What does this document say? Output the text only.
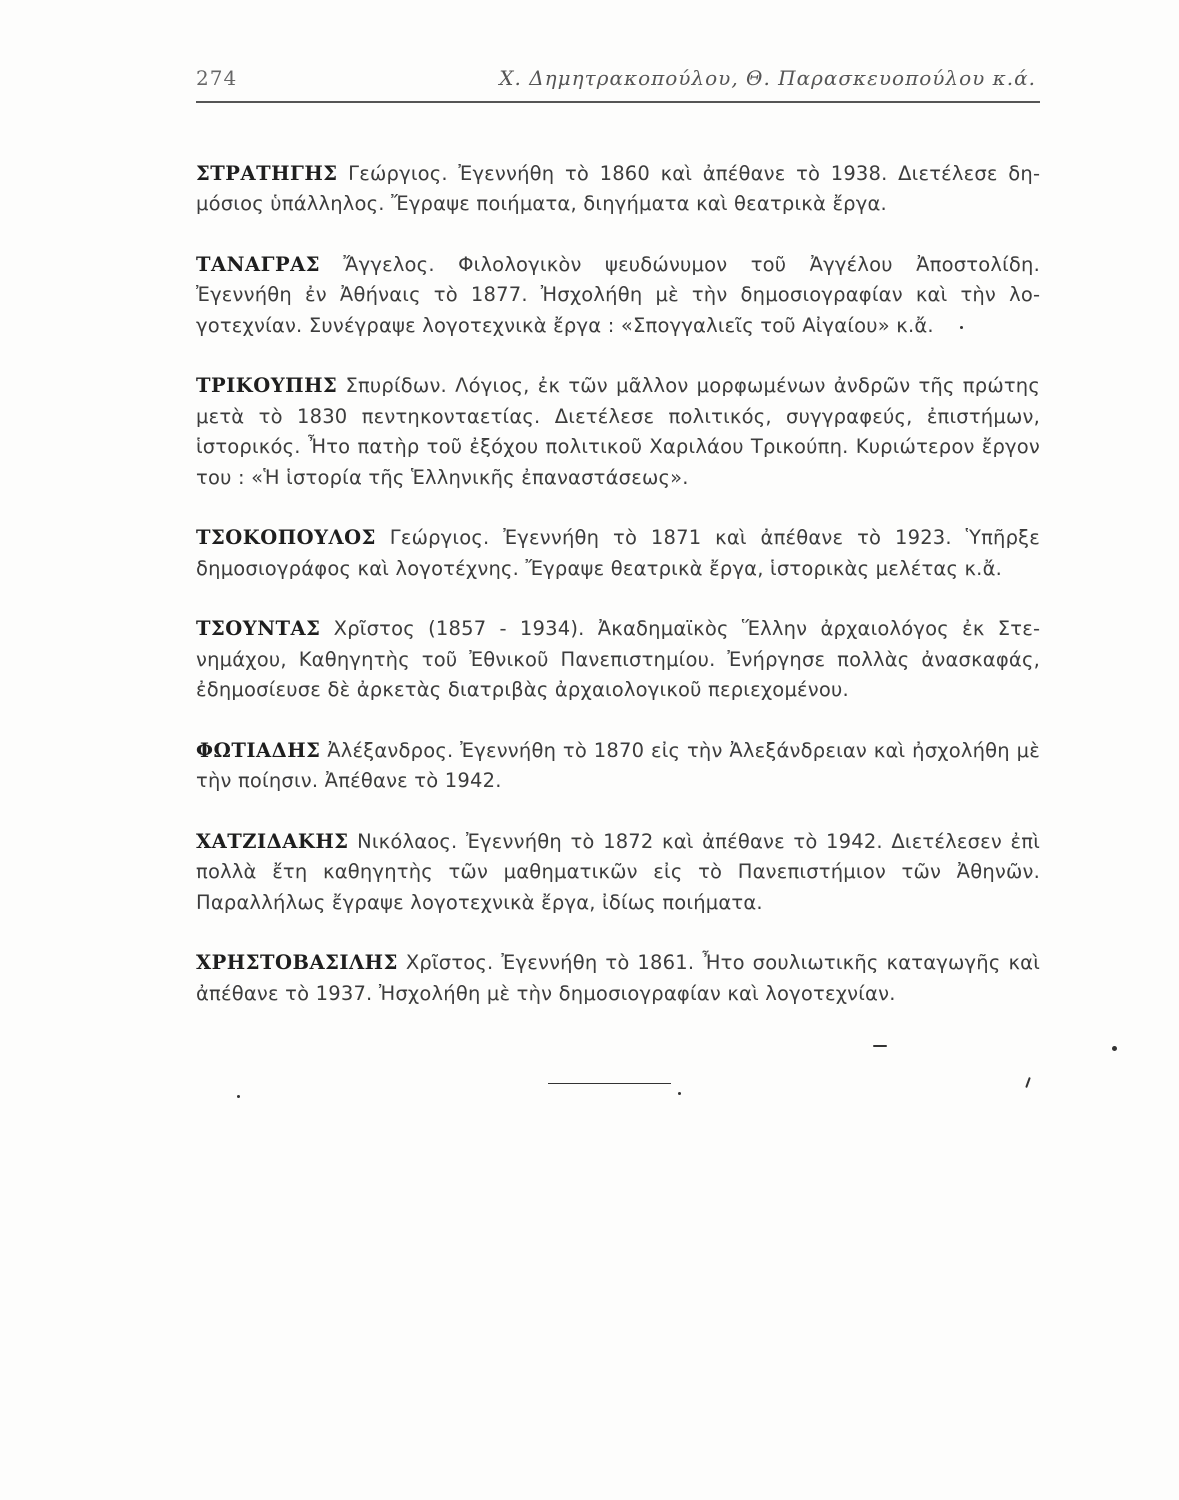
274	Χ. Δημητρακοπούλου, Θ. Παρασκευοπούλου κ.ά.

ΣΤΡΑΤΗΓΗΣ Γεώργιος. Ἐγεννήθη τὸ 1860 καὶ ἀπέθανε τὸ 1938. Διετέλεσε δημόσιος ὑπάλληλος. Ἔγραψε ποιήματα, διηγήματα καὶ θεατρικὰ ἔργα.

ΤΑΝΑΓΡΑΣ Ἄγγελος. Φιλολογικὸν ψευδώνυμον τοῦ Ἀγγέλου Ἀποστολίδη. Ἐγεννήθη ἐν Ἀθήναις τὸ 1877. Ἠσχολήθη μὲ τὴν δημοσιογραφίαν καὶ τὴν λογοτεχνίαν. Συνέγραψε λογοτεχνικὰ ἔργα : «Σπογγαλιεῖς τοῦ Αἰγαίου» κ.ἄ.

ΤΡΙΚΟΥΠΗΣ Σπυρίδων. Λόγιος, ἐκ τῶν μᾶλλον μορφωμένων ἀνδρῶν τῆς πρώτης μετὰ τὸ 1830 πεντηκονταετίας. Διετέλεσε πολιτικός, συγγραφεύς, ἐπιστήμων, ἱστορικός. Ἦτο πατὴρ τοῦ ἐξόχου πολιτικοῦ Χαριλάου Τρικούπη. Κυριώτερον ἔργον του : «Ἡ ἱστορία τῆς Ἑλληνικῆς ἐπαναστάσεως».

ΤΣΟΚΟΠΟΥΛΟΣ Γεώργιος. Ἐγεννήθη τὸ 1871 καὶ ἀπέθανε τὸ 1923. Ὑπῆρξε δημοσιογράφος καὶ λογοτέχνης. Ἔγραψε θεατρικὰ ἔργα, ἱστορικὰς μελέτας κ.ἄ.

ΤΣΟΥΝΤΑΣ Χρῖστος (1857 - 1934). Ἀκαδημαϊκὸς Ἕλλην ἀρχαιολόγος ἐκ Στενημάχου, Καθηγητὴς τοῦ Ἐθνικοῦ Πανεπιστημίου. Ἐνήργησε πολλὰς ἀνασκαφάς, ἐδημοσίευσε δὲ ἀρκετὰς διατριβὰς ἀρχαιολογικοῦ περιεχομένου.

ΦΩΤΙΑΔΗΣ Ἀλέξανδρος. Ἐγεννήθη τὸ 1870 εἰς τὴν Ἀλεξάνδρειαν καὶ ἠσχολήθη μὲ τὴν ποίησιν. Ἀπέθανε τὸ 1942.

ΧΑΤΖΙΔΑΚΗΣ Νικόλαος. Ἐγεννήθη τὸ 1872 καὶ ἀπέθανε τὸ 1942. Διετέλεσεν ἐπὶ πολλὰ ἔτη καθηγητὴς τῶν μαθηματικῶν εἰς τὸ Πανεπιστήμιον τῶν Ἀθηνῶν. Παραλλήλως ἔγραψε λογοτεχνικὰ ἔργα, ἰδίως ποιήματα.

ΧΡΗΣΤΟΒΑΣΙΛΗΣ Χρῖστος. Ἐγεννήθη τὸ 1861. Ἦτο σουλιωτικῆς καταγωγῆς καὶ ἀπέθανε τὸ 1937. Ἠσχολήθη μὲ τὴν δημοσιογραφίαν καὶ λογοτεχνίαν.
